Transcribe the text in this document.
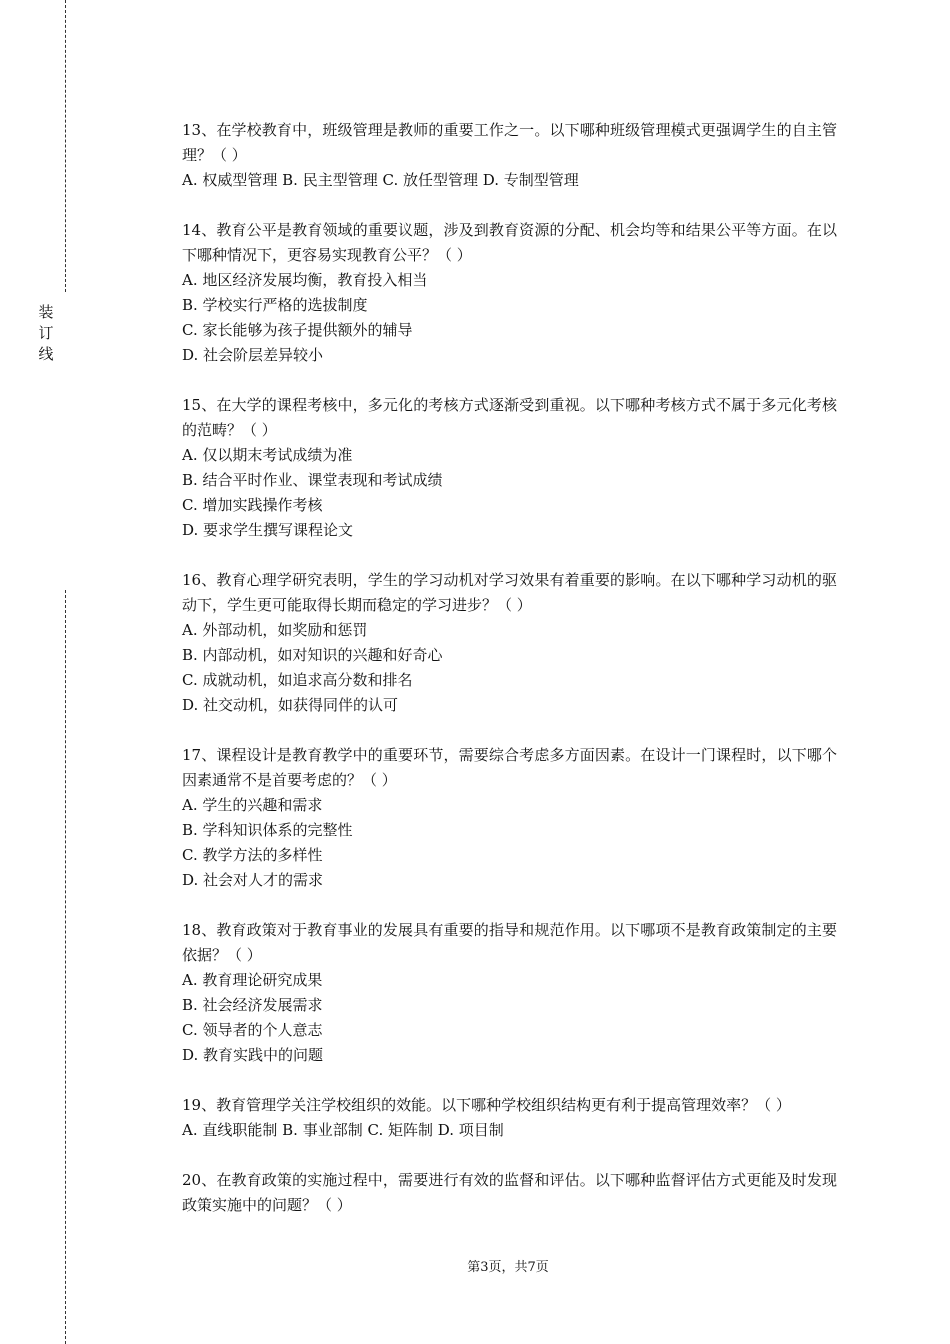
装
订
线

13、在学校教育中，班级管理是教师的重要工作之一。以下哪种班级管理模式更强调学生的自主管理？（ ）

A. 权威型管理 B. 民主型管理 C. 放任型管理 D. 专制型管理

14、教育公平是教育领域的重要议题，涉及到教育资源的分配、机会均等和结果公平等方面。在以下哪种情况下，更容易实现教育公平？（ ）

A. 地区经济发展均衡，教育投入相当

B. 学校实行严格的选拔制度

C. 家长能够为孩子提供额外的辅导

D. 社会阶层差异较小

15、在大学的课程考核中，多元化的考核方式逐渐受到重视。以下哪种考核方式不属于多元化考核的范畴？（ ）

A. 仅以期末考试成绩为准

B. 结合平时作业、课堂表现和考试成绩

C. 增加实践操作考核

D. 要求学生撰写课程论文

16、教育心理学研究表明，学生的学习动机对学习效果有着重要的影响。在以下哪种学习动机的驱动下，学生更可能取得长期而稳定的学习进步？（ ）

A. 外部动机，如奖励和惩罚

B. 内部动机，如对知识的兴趣和好奇心

C. 成就动机，如追求高分数和排名

D. 社交动机，如获得同伴的认可

17、课程设计是教育教学中的重要环节，需要综合考虑多方面因素。在设计一门课程时，以下哪个因素通常不是首要考虑的？（ ）

A. 学生的兴趣和需求

B. 学科知识体系的完整性

C. 教学方法的多样性

D. 社会对人才的需求

18、教育政策对于教育事业的发展具有重要的指导和规范作用。以下哪项不是教育政策制定的主要依据？（ ）

A. 教育理论研究成果

B. 社会经济发展需求

C. 领导者的个人意志

D. 教育实践中的问题

19、教育管理学关注学校组织的效能。以下哪种学校组织结构更有利于提高管理效率？（ ）

A. 直线职能制 B. 事业部制 C. 矩阵制 D. 项目制

20、在教育政策的实施过程中，需要进行有效的监督和评估。以下哪种监督评估方式更能及时发现政策实施中的问题？（ ）

第3页，共7页
